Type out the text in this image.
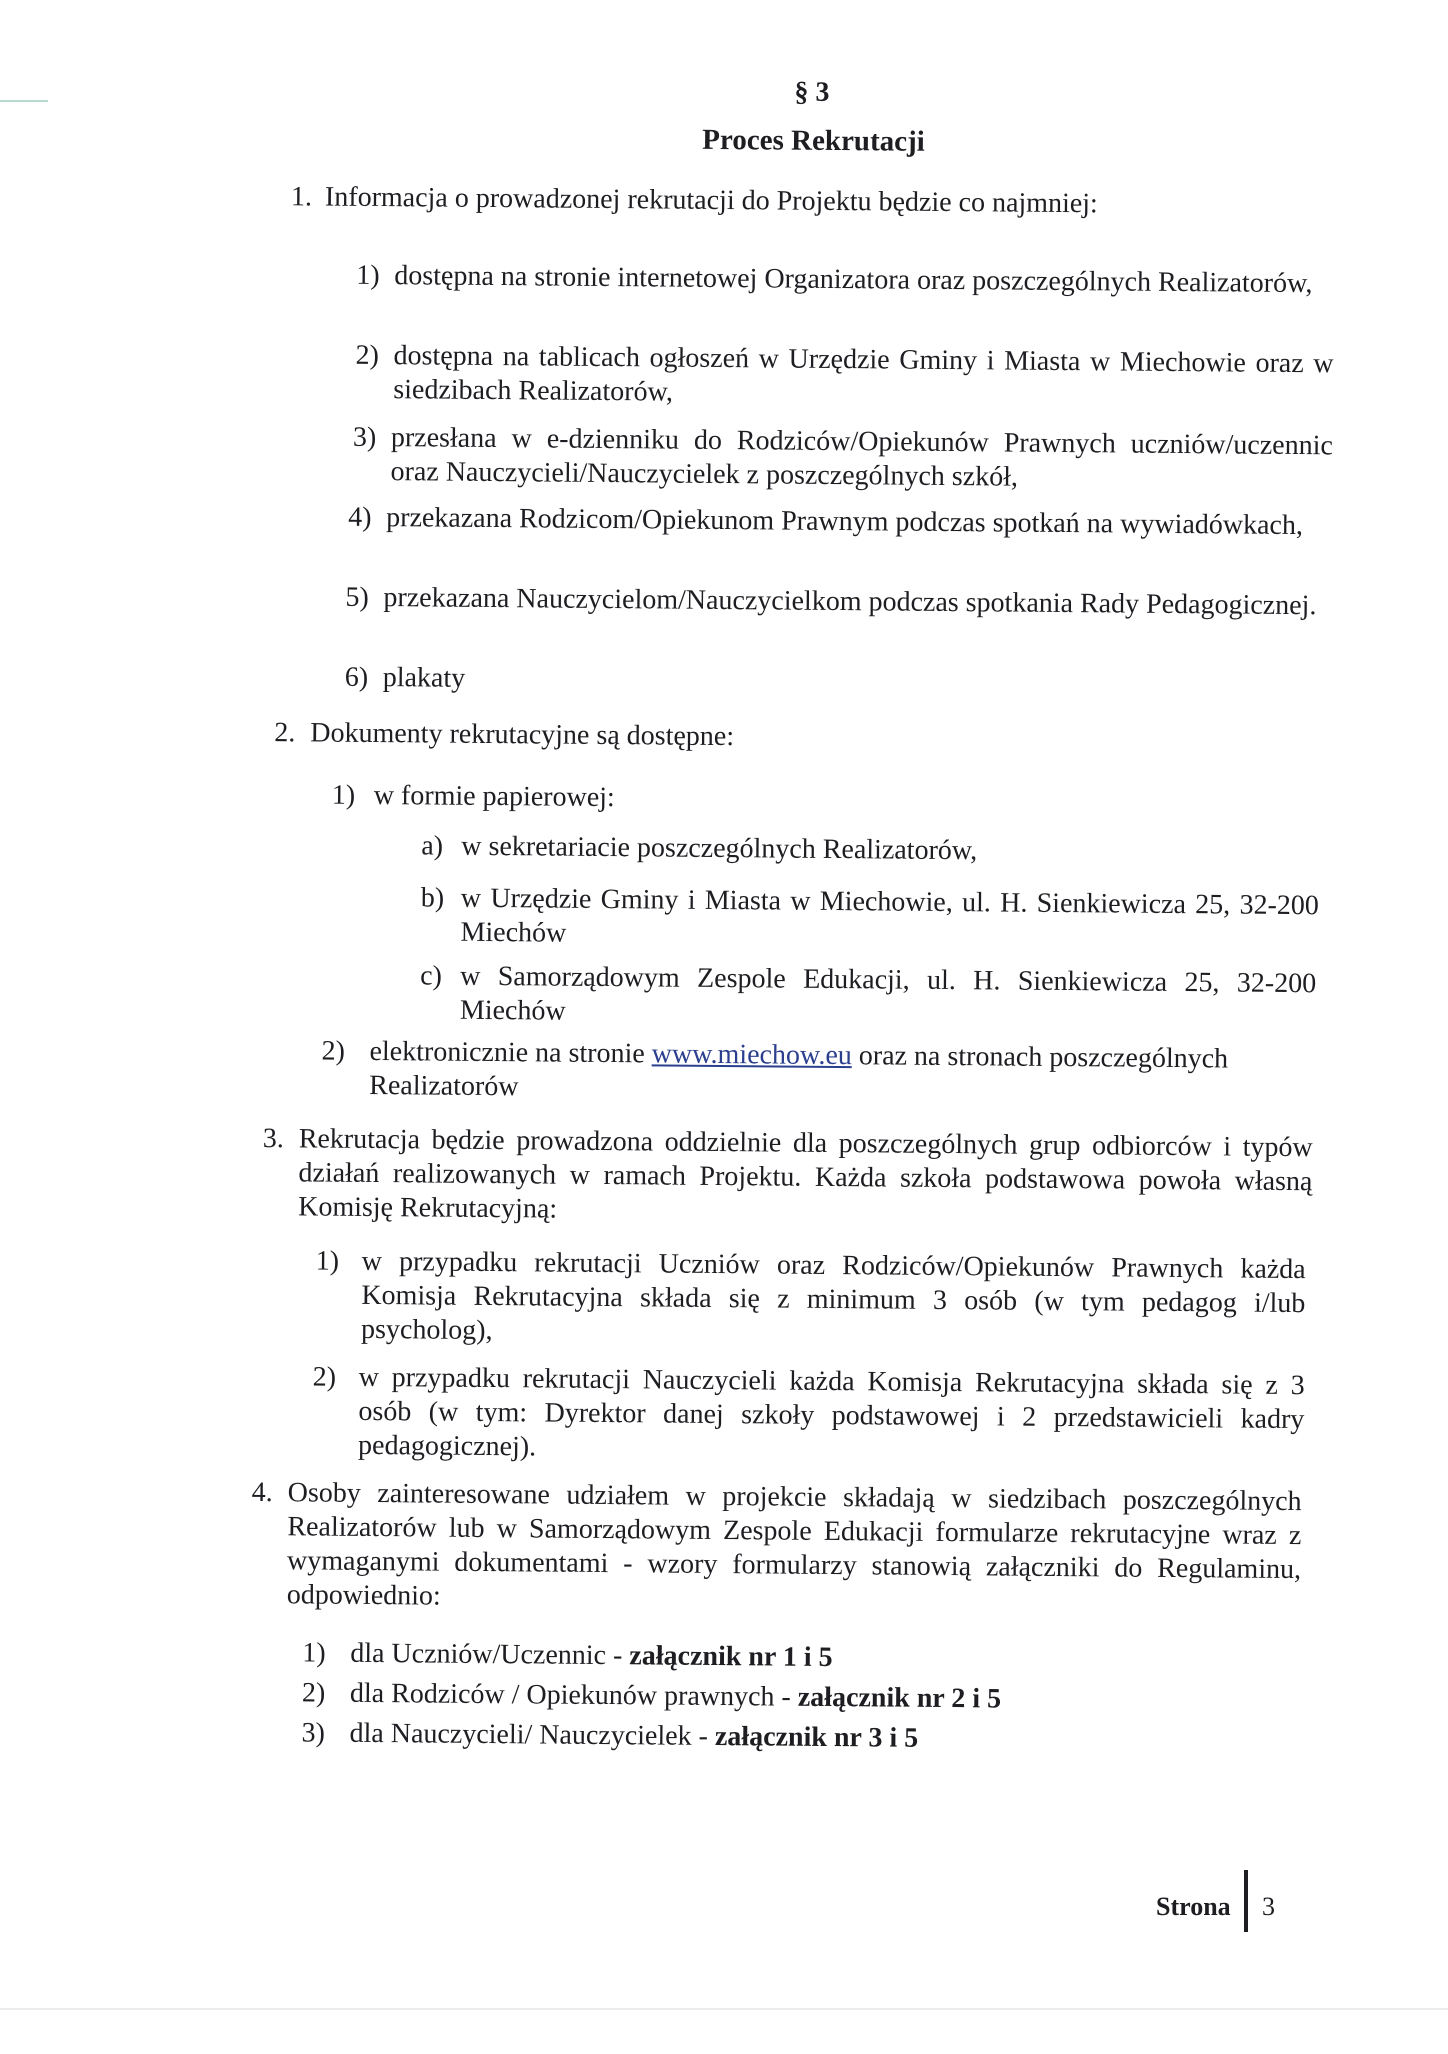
§ 3
Proces Rekrutacji
1. Informacja o prowadzonej rekrutacji do Projektu będzie co najmniej:
1) dostępna na stronie internetowej Organizatora oraz poszczególnych Realizatorów,
2) dostępna na tablicach ogłoszeń w Urzędzie Gminy i Miasta w Miechowie oraz w siedzibach Realizatorów,
3) przesłana w e-dzienniku do Rodziców/Opiekunów Prawnych uczniów/uczennic oraz Nauczycieli/Nauczycielek z poszczególnych szkół,
4) przekazana Rodzicom/Opiekunom Prawnym podczas spotkań na wywiadówkach,
5) przekazana Nauczycielom/Nauczycielkom podczas spotkania Rady Pedagogicznej.
6) plakaty
2. Dokumenty rekrutacyjne są dostępne:
1) w formie papierowej:
a) w sekretariacie poszczególnych Realizatorów,
b) w Urzędzie Gminy i Miasta w Miechowie, ul. H. Sienkiewicza 25, 32-200 Miechów
c) w Samorządowym Zespole Edukacji, ul. H. Sienkiewicza 25, 32-200 Miechów
2) elektronicznie na stronie www.miechow.eu oraz na stronach poszczególnych Realizatorów
3. Rekrutacja będzie prowadzona oddzielnie dla poszczególnych grup odbiorców i typów działań realizowanych w ramach Projektu. Każda szkoła podstawowa powoła własną Komisję Rekrutacyjną:
1) w przypadku rekrutacji Uczniów oraz Rodziców/Opiekunów Prawnych każda Komisja Rekrutacyjna składa się z minimum 3 osób (w tym pedagog i/lub psycholog),
2) w przypadku rekrutacji Nauczycieli każda Komisja Rekrutacyjna składa się z 3 osób (w tym: Dyrektor danej szkoły podstawowej i 2 przedstawicieli kadry pedagogicznej).
4. Osoby zainteresowane udziałem w projekcie składają w siedzibach poszczególnych Realizatorów lub w Samorządowym Zespole Edukacji formularze rekrutacyjne wraz z wymaganymi dokumentami - wzory formularzy stanowią załączniki do Regulaminu, odpowiednio:
1) dla Uczniów/Uczennic - załącznik nr 1 i 5
2) dla Rodziców / Opiekunów prawnych - załącznik nr 2 i 5
3) dla Nauczycieli/ Nauczycielek - załącznik nr 3 i 5
Strona 3
